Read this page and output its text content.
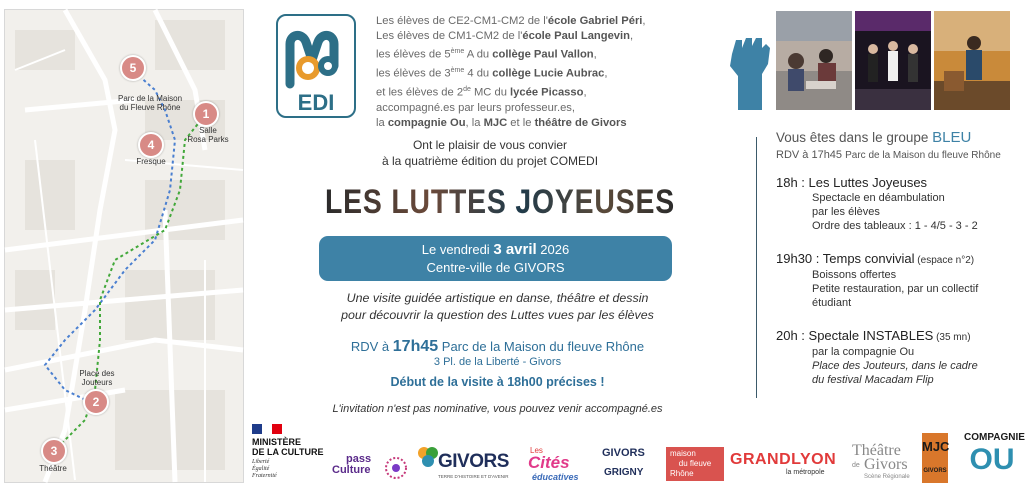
5
Parc de la Maison
du Fleuve Rhône	1
Salle
Rosa Parks
4
Fresque
Place des
Jouteurs
2
3
Théâtre
EDI
Les élèves de CE2-CM1-CM2 de l'école Gabriel Péri,
Les élèves de CM1-CM2 de l'école Paul Langevin,
les élèves de 5ème A du collège Paul Vallon,
les élèves de 3ème 4 du collège Lucie Aubrac,
et les élèves de 2de MC du lycée Picasso,
accompagné.es par leurs professeur.es,
la compagnie Ou, la MJC et le théâtre de Givors
Ont le plaisir de vous convier
à la quatrième édition du projet COMEDI
LES LUTTES JOYEUSES
Le vendredi 3 avril 2026
Centre-ville de GIVORS
Une visite guidée artistique en danse, théâtre et dessin
pour découvrir la question des Luttes vues par les élèves
RDV à 17h45 Parc de la Maison du fleuve Rhône
3 Pl. de la Liberté - Givors
Début de la visite à 18h00 précises !
L'invitation n'est pas nominative, vous pouvez venir accompagné.es
Vous êtes dans le groupe BLEU
RDV à 17h45 Parc de la Maison du fleuve Rhône
18h : Les Luttes Joyeuses
Spectacle en déambulation
par les élèves
Ordre des tableaux : 1 - 4/5 - 3 - 2
19h30 : Temps convivial (espace n°2)
Boissons offertes
Petite restauration, par un collectif
étudiant
20h : Spectale INSTABLES (35 mn)
par la compagnie Ou
Place des Jouteurs, dans le cadre
du festival Macadam Flip
MINISTÈRE
DE LA CULTURE
Liberté
Égalité
Fraternité
pass
Culture	GIVORS
TERRE D'HISTOIRE ET D'AVENIR
Les
Cités
éducatives
GIVORS
GRIGNY
maison
du fleuve
Rhône
GRANDLYON
la métropole
Théâtre
de Givors
Scène Régionale
MJC
GIVORS
COMPAGNIE
OU
